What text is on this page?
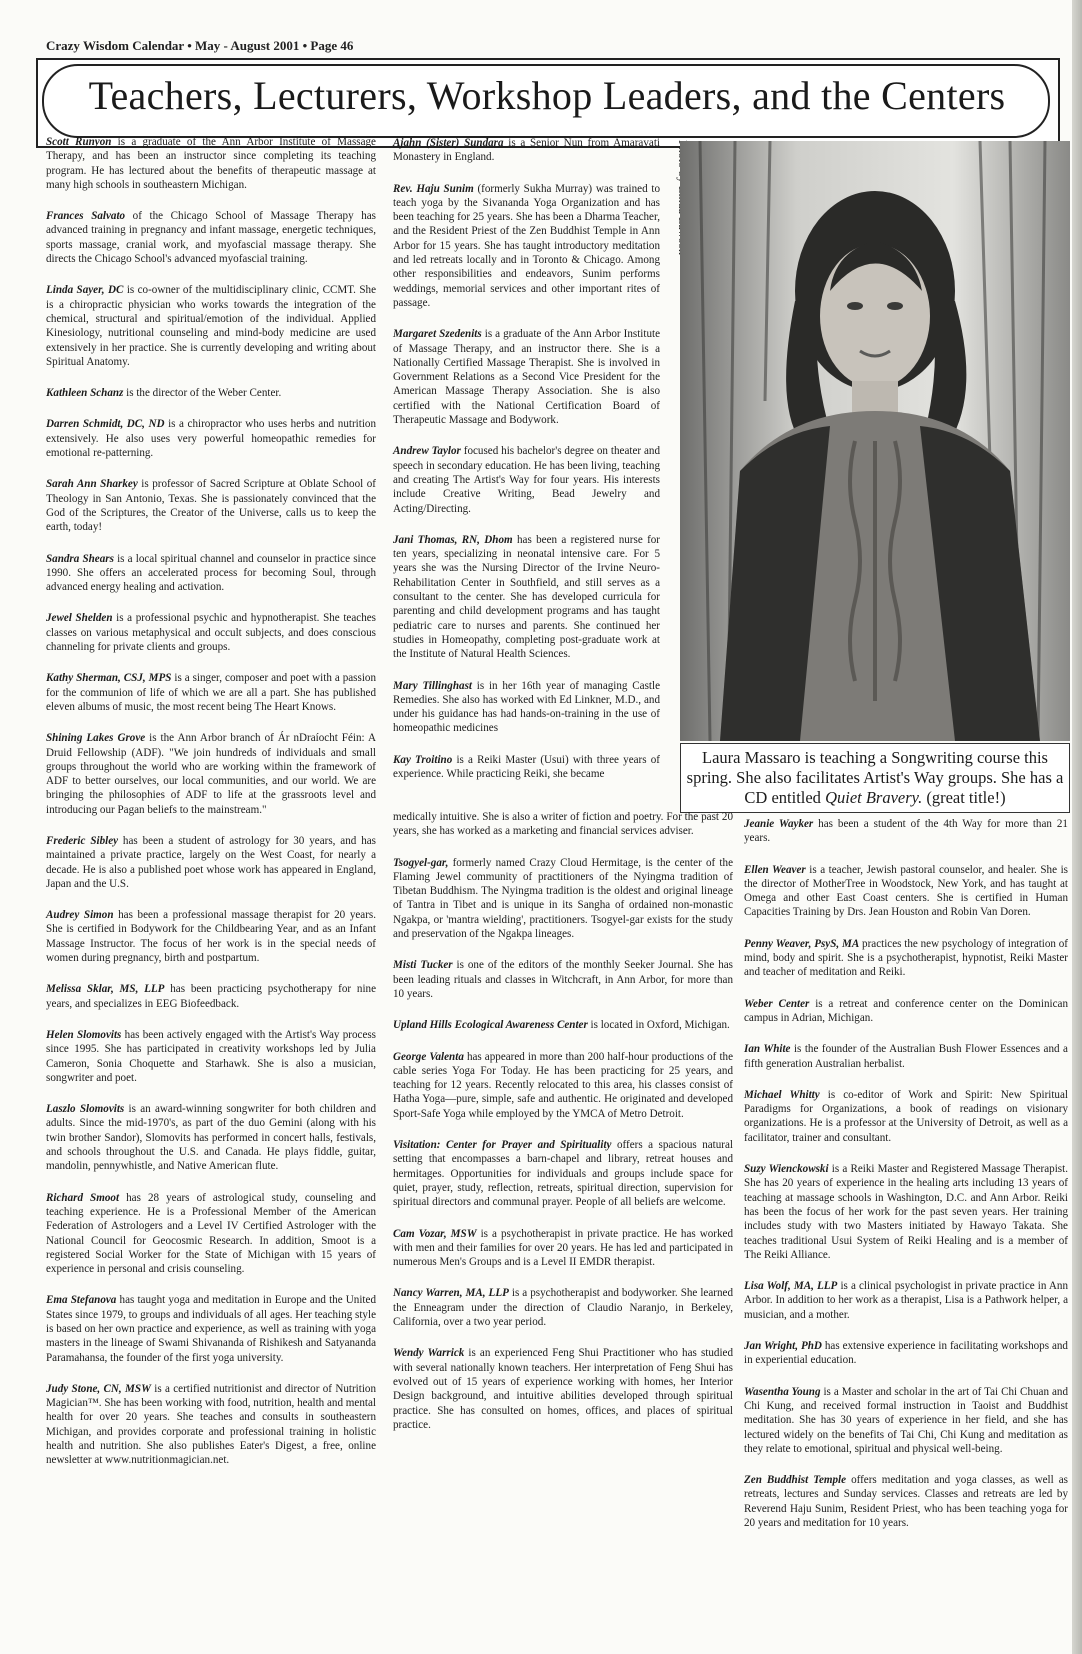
Crazy Wisdom Calendar • May - August 2001 • Page 46
Teachers, Lecturers, Workshop Leaders, and the Centers

Scott Runyon is a graduate of the Ann Arbor Institute of Massage Therapy, and has been an instructor since completing its teaching program. He has lectured about the benefits of therapeutic massage at many high schools in southeastern Michigan.

Frances Salvato of the Chicago School of Massage Therapy has advanced training in pregnancy and infant massage, energetic techniques, sports massage, cranial work, and myofascial massage therapy. She directs the Chicago School's advanced myofascial training.

Linda Sayer, DC is co-owner of the multidisciplinary clinic, CCMT. She is a chiropractic physician who works towards the integration of the chemical, structural and spiritual/emotion of the individual. Applied Kinesiology, nutritional counseling and mind-body medicine are used extensively in her practice. She is currently developing and writing about Spiritual Anatomy.

Kathleen Schanz is the director of the Weber Center.

Darren Schmidt, DC, ND is a chiropractor who uses herbs and nutrition extensively. He also uses very powerful homeopathic remedies for emotional re-patterning.

Sarah Ann Sharkey is professor of Sacred Scripture at Oblate School of Theology in San Antonio, Texas. She is passionately convinced that the God of the Scriptures, the Creator of the Universe, calls us to keep the earth, today!

Sandra Shears is a local spiritual channel and counselor in practice since 1990. She offers an accelerated process for becoming Soul, through advanced energy healing and activation.

Jewel Shelden is a professional psychic and hypnotherapist. She teaches classes on various metaphysical and occult subjects, and does conscious channeling for private clients and groups.

Kathy Sherman, CSJ, MPS is a singer, composer and poet with a passion for the communion of life of which we are all a part. She has published eleven albums of music, the most recent being The Heart Knows.

Shining Lakes Grove is the Ann Arbor branch of Ár nDraíocht Féin: A Druid Fellowship (ADF). "We join hundreds of individuals and small groups throughout the world who are working within the framework of ADF to better ourselves, our local communities, and our world. We are bringing the philosophies of ADF to life at the grassroots level and introducing our Pagan beliefs to the mainstream."

Frederic Sibley has been a student of astrology for 30 years, and has maintained a private practice, largely on the West Coast, for nearly a decade. He is also a published poet whose work has appeared in England, Japan and the U.S.

Audrey Simon has been a professional massage therapist for 20 years. She is certified in Bodywork for the Childbearing Year, and as an Infant Massage Instructor. The focus of her work is in the special needs of women during pregnancy, birth and postpartum.

Melissa Sklar, MS, LLP has been practicing psychotherapy for nine years, and specializes in EEG Biofeedback.

Helen Slomovits has been actively engaged with the Artist's Way process since 1995. She has participated in creativity workshops led by Julia Cameron, Sonia Choquette and Starhawk. She is also a musician, songwriter and poet.

Laszlo Slomovits is an award-winning songwriter for both children and adults. Since the mid-1970's, as part of the duo Gemini (along with his twin brother Sandor), Slomovits has performed in concert halls, festivals, and schools throughout the U.S. and Canada. He plays fiddle, guitar, mandolin, pennywhistle, and Native American flute.

Richard Smoot has 28 years of astrological study, counseling and teaching experience. He is a Professional Member of the American Federation of Astrologers and a Level IV Certified Astrologer with the National Council for Geocosmic Research. In addition, Smoot is a registered Social Worker for the State of Michigan with 15 years of experience in personal and crisis counseling.

Ema Stefanova has taught yoga and meditation in Europe and the United States since 1979, to groups and individuals of all ages. Her teaching style is based on her own practice and experience, as well as training with yoga masters in the lineage of Swami Shivananda of Rishikesh and Satyananda Paramahansa, the founder of the first yoga university.

Judy Stone, CN, MSW is a certified nutritionist and director of Nutrition Magician™. She has been working with food, nutrition, health and mental health for over 20 years. She teaches and consults in southeastern Michigan, and provides corporate and professional training in holistic health and nutrition. She also publishes Eater's Digest, a free, online newsletter at www.nutritionmagician.net.

Ajahn (Sister) Sundara is a Senior Nun from Amaravati Monastery in England.

Rev. Haju Sunim (formerly Sukha Murray) was trained to teach yoga by the Sivananda Yoga Organization and has been teaching for 25 years. She has been a Dharma Teacher, and the Resident Priest of the Zen Buddhist Temple in Ann Arbor for 15 years. She has taught introductory meditation and led retreats locally and in Toronto & Chicago. Among other responsibilities and endeavors, Sunim performs weddings, memorial services and other important rites of passage.

Margaret Szedenits is a graduate of the Ann Arbor Institute of Massage Therapy, and an instructor there. She is a Nationally Certified Massage Therapist. She is involved in Government Relations as a Second Vice President for the American Massage Therapy Association. She is also certified with the National Certification Board of Therapeutic Massage and Bodywork.

Andrew Taylor focused his bachelor's degree on theater and speech in secondary education. He has been living, teaching and creating The Artist's Way for four years. His interests include Creative Writing, Bead Jewelry and Acting/Directing.

Jani Thomas, RN, Dhom has been a registered nurse for ten years, specializing in neonatal intensive care. For 5 years she was the Nursing Director of the Irvine Neuro-Rehabilitation Center in Southfield, and still serves as a consultant to the center. She has developed curricula for parenting and child development programs and has taught pediatric care to nurses and parents. She continued her studies in Homeopathy, completing post-graduate work at the Institute of Natural Health Sciences.

Mary Tillinghast is in her 16th year of managing Castle Remedies. She also has worked with Ed Linkner, M.D., and under his guidance has had hands-on-training in the use of homeopathic medicines

Kay Troitino is a Reiki Master (Usui) with three years of experience. While practicing Reiki, she became

Laura Massaro is teaching a Songwriting course this spring. She also facilitates Artist's Way groups. She has a CD entitled Quiet Bravery. (great title!)

medically intuitive. She is also a writer of fiction and poetry. For the past 20 years, she has worked as a marketing and financial services adviser.

Tsogyel-gar, formerly named Crazy Cloud Hermitage, is the center of the Flaming Jewel community of practitioners of the Nyingma tradition of Tibetan Buddhism. The Nyingma tradition is the oldest and original lineage of Tantra in Tibet and is unique in its Sangha of ordained non-monastic Ngakpa, or 'mantra wielding', practitioners. Tsogyel-gar exists for the study and preservation of the Ngakpa lineages.

Misti Tucker is one of the editors of the monthly Seeker Journal. She has been leading rituals and classes in Witchcraft, in Ann Arbor, for more than 10 years.

Upland Hills Ecological Awareness Center is located in Oxford, Michigan.

George Valenta has appeared in more than 200 half-hour productions of the cable series Yoga For Today. He has been practicing for 25 years, and teaching for 12 years. Recently relocated to this area, his classes consist of Hatha Yoga—pure, simple, safe and authentic. He originated and developed Sport-Safe Yoga while employed by the YMCA of Metro Detroit.

Visitation: Center for Prayer and Spirituality offers a spacious natural setting that encompasses a barn-chapel and library, retreat houses and hermitages. Opportunities for individuals and groups include space for quiet, prayer, study, reflection, retreats, spiritual direction, supervision for spiritual directors and communal prayer. People of all beliefs are welcome.

Cam Vozar, MSW is a psychotherapist in private practice. He has worked with men and their families for over 20 years. He has led and participated in numerous Men's Groups and is a Level II EMDR therapist.

Nancy Warren, MA, LLP is a psychotherapist and bodyworker. She learned the Enneagram under the direction of Claudio Naranjo, in Berkeley, California, over a two year period.

Wendy Warrick is an experienced Feng Shui Practitioner who has studied with several nationally known teachers. Her interpretation of Feng Shui has evolved out of 15 years of experience working with homes, her Interior Design background, and intuitive abilities developed through spiritual practice. She has consulted on homes, offices, and places of spiritual practice.

Jeanie Wayker has been a student of the 4th Way for more than 21 years.

Ellen Weaver is a teacher, Jewish pastoral counselor, and healer. She is the director of MotherTree in Woodstock, New York, and has taught at Omega and other East Coast centers. She is certified in Human Capacities Training by Drs. Jean Houston and Robin Van Doren.

Penny Weaver, PsyS, MA practices the new psychology of integration of mind, body and spirit. She is a psychotherapist, hypnotist, Reiki Master and teacher of meditation and Reiki.

Weber Center is a retreat and conference center on the Dominican campus in Adrian, Michigan.

Ian White is the founder of the Australian Bush Flower Essences and a fifth generation Australian herbalist.

Michael Whitty is co-editor of Work and Spirit: New Spiritual Paradigms for Organizations, a book of readings on visionary organizations. He is a professor at the University of Detroit, as well as a facilitator, trainer and consultant.

Suzy Wienckowski is a Reiki Master and Registered Massage Therapist. She has 20 years of experience in the healing arts including 13 years of teaching at massage schools in Washington, D.C. and Ann Arbor. Reiki has been the focus of her work for the past seven years. Her training includes study with two Masters initiated by Hawayo Takata. She teaches traditional Usui System of Reiki Healing and is a member of The Reiki Alliance.

Lisa Wolf, MA, LLP is a clinical psychologist in private practice in Ann Arbor. In addition to her work as a therapist, Lisa is a Pathwork helper, a musician, and a mother.

Jan Wright, PhD has extensive experience in facilitating workshops and in experiential education.

Wasentha Young is a Master and scholar in the art of Tai Chi Chuan and Chi Kung, and received formal instruction in Taoist and Buddhist meditation. She has 30 years of experience in her field, and she has lectured widely on the benefits of Tai Chi, Chi Kung and meditation as they relate to emotional, spiritual and physical well-being.

Zen Buddhist Temple offers meditation and yoga classes, as well as retreats, lectures and Sunday services. Classes and retreats are led by Reverend Haju Sunim, Resident Priest, who has been teaching yoga for 20 years and meditation for 10 years.
